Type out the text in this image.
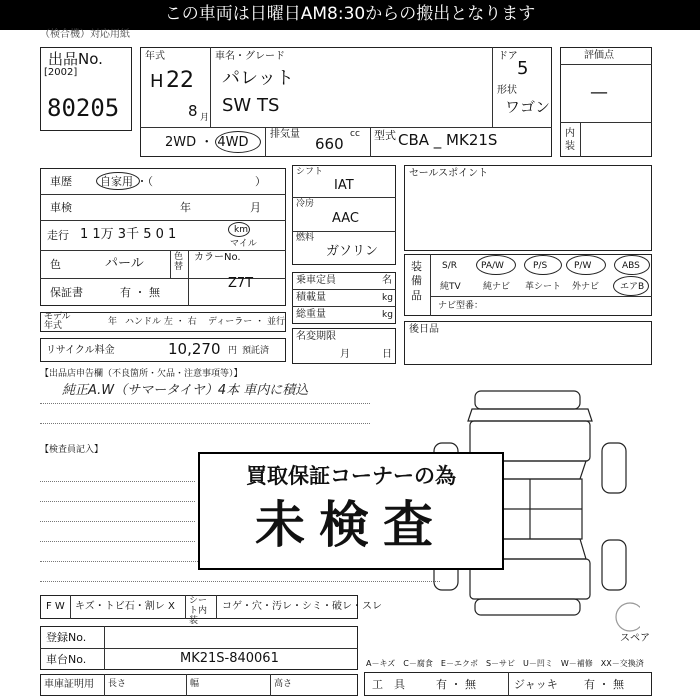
この車両は日曜日AM8:30からの搬出となります
（検合機）対応用紙
出品No.
[2002]
80205
年式
H 22
8 月
車名・グレード
パレット
SW TS
ドア
5
形状
ワゴン
2WD ・ 4WD
排気量
660
cc 型式 CBA _ MK21S
評価点
—
内装
車歴	自家用 ・（	）
車検	年	月
走行 1 1万 3千 5 0 1	km
マイル
色	パール	色替
カラーNo.
Z7T
保証書	有 ・ 無
モデル年式	年 ハンドル 左 ・ 右 ディーラー ・ 並行
リサイクル料金	10,270 円 預託済
シフト
IAT
冷房
AAC
燃料
ガソリン
乗車定員	名
積載量	kg
総重量	kg
名変期限
月	日
セールスポイント
装備品
S/R	PA/W	P/S	P/W	ABS
純TV 純ナビ 革シート 外ナビ エアB
ナビ型番：
後日品
【出品店申告欄（不良箇所・欠品・注意事項等）】
純正A.W（サマータイヤ）4本 車内に積込
【検査員記入】
スペア
買取保証コーナーの為
未検査
F W キズ・トビ石・割レ X シート内装
コゲ・穴・汚レ・シミ・破レ・スレ
登録No.
車台No.	MK21S-840061
車庫証明用 長さ	幅	高さ
A－キズ　C－腐食　E－エクボ　S－サビ　U－凹ミ　W－補修　XX－交換済
工　具	有 ・ 無	ジャッキ 有 ・ 無
